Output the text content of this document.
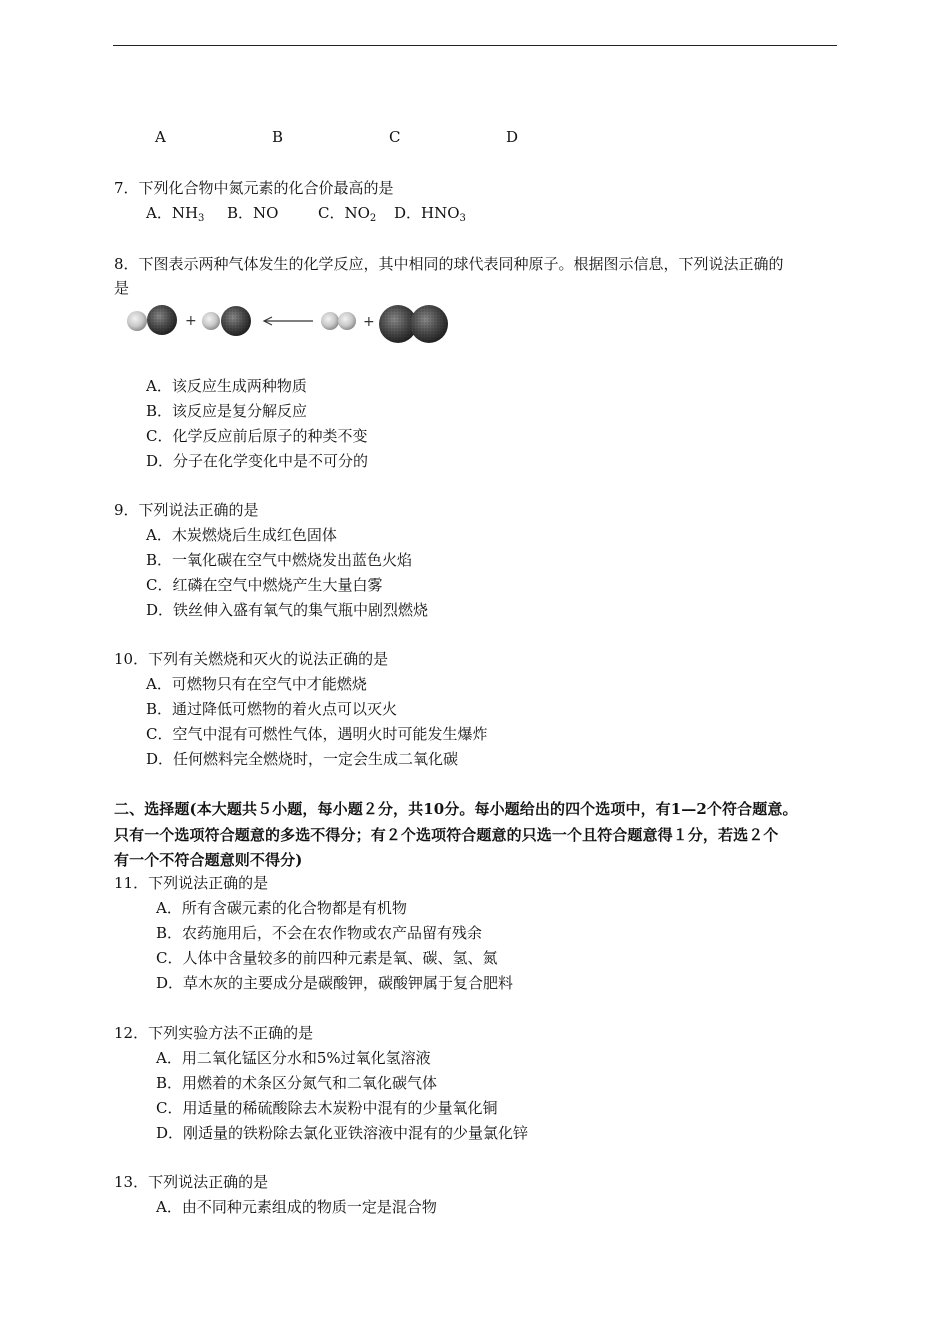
A	B	C	D
7．下列化合物中氮元素的化合价最高的是
A．$NH_3$ B．NO	C．$NO_2$ D．$HNO_3$
8．下图表示两种气体发生的化学反应，其中相同的球代表同种原子。根据图示信息，下列说法正确的
是
+	+
A．该反应生成两种物质
B．该反应是复分解反应
C．化学反应前后原子的种类不变
D．分子在化学变化中是不可分的
9．下列说法正确的是
A．木炭燃烧后生成红色固体
B．一氧化碳在空气中燃烧发出蓝色火焰
C．红磷在空气中燃烧产生大量白雾
D．铁丝伸入盛有氧气的集气瓶中剧烈燃烧
10．下列有关燃烧和灭火的说法正确的是
A．可燃物只有在空气中才能燃烧
B．通过降低可燃物的着火点可以灭火
C．空气中混有可燃性气体，遇明火时可能发生爆炸
D．任何燃料完全燃烧时，一定会生成二氧化碳
二、选择题(本大题共５小题，每小题２分，共10分。每小题给出的四个选项中，有1—2个符合题意。
只有一个选项符合题意的多选不得分；有２个选项符合题意的只选一个且符合题意得１分，若选２个
有一个不符合题意则不得分)
11．下列说法正确的是
A．所有含碳元素的化合物都是有机物
B．农药施用后，不会在农作物或农产品留有残余
C．人体中含量较多的前四种元素是氧、碳、氢、氮
D．草木灰的主要成分是碳酸钾，碳酸钾属于复合肥料
12．下列实验方法不正确的是
A．用二氧化锰区分水和5%过氧化氢溶液
B．用燃着的术条区分氮气和二氧化碳气体
C．用适量的稀硫酸除去木炭粉中混有的少量氧化铜
D．刚适量的铁粉除去氯化亚铁溶液中混有的少量氯化锌
13．下列说法正确的是
A．由不同种元素组成的物质一定是混合物
